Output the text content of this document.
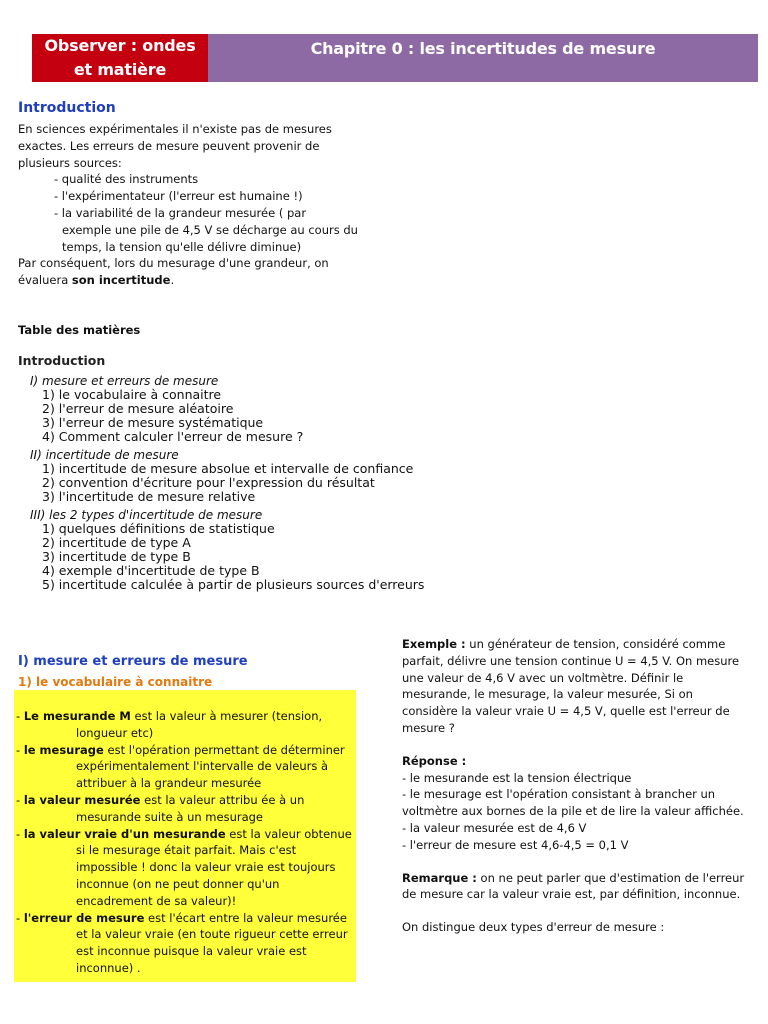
Observer : ondes
et matière
Chapitre 0 : les incertitudes de mesure
Introduction

En sciences expérimentales il n'existe pas de mesures exactes. Les erreurs de mesure peuvent provenir de plusieurs sources:

- qualité des instruments
- l'expérimentateur (l'erreur est humaine !)
- la variabilité de la grandeur mesurée ( par exemple une pile de 4,5 V se décharge au cours du temps, la tension qu'elle délivre diminue)

Par conséquent, lors du mesurage d'une grandeur, on évaluera son incertitude.

Table des matières
Introduction
I) mesure et erreurs de mesure
1) le vocabulaire à connaitre
2) l'erreur de mesure aléatoire
3) l'erreur de mesure systématique
4) Comment calculer l'erreur de mesure ?
II) incertitude de mesure
1) incertitude de mesure absolue et intervalle de confiance
2) convention d'écriture pour l'expression du résultat
3) l'incertitude de mesure relative
III) les 2 types d'incertitude de mesure
1) quelques définitions de statistique
2) incertitude de type A
3) incertitude de type B
4) exemple d'incertitude de type B
5) incertitude calculée à partir de plusieurs sources d'erreurs
I) mesure et erreurs de mesure
1) le vocabulaire à connaitre

- Le mesurande M est la valeur à mesurer (tension, longueur etc)

- le mesurage est l'opération permettant de déterminer expérimentalement l'intervalle de valeurs à attribuer à la grandeur mesurée

- la valeur mesurée est la valeur attribu ée à un mesurande suite à un mesurage

- la valeur vraie d'un mesurande est la valeur obtenue si le mesurage était parfait. Mais c'est impossible ! donc la valeur vraie est toujours inconnue (on ne peut donner qu'un encadrement de sa valeur)!

- l'erreur de mesure est l'écart entre la valeur mesurée et la valeur vraie (en toute rigueur cette erreur est inconnue puisque la valeur vraie est inconnue) .

Exemple : un générateur de tension, considéré comme parfait, délivre une tension continue U = 4,5 V. On mesure une valeur de 4,6 V avec un voltmètre. Définir le mesurande, le mesurage, la valeur mesurée, Si on considère la valeur vraie U = 4,5 V, quelle est l'erreur de mesure ?

Réponse :

- le mesurande est la tension électrique

- le mesurage est l'opération consistant à brancher un voltmètre aux bornes de la pile et de lire la valeur affichée.

- la valeur mesurée est de 4,6 V

- l'erreur de mesure est 4,6-4,5 = 0,1 V

Remarque : on ne peut parler que d'estimation de l'erreur de mesure car la valeur vraie est, par définition, inconnue.

On distingue deux types d'erreur de mesure :
